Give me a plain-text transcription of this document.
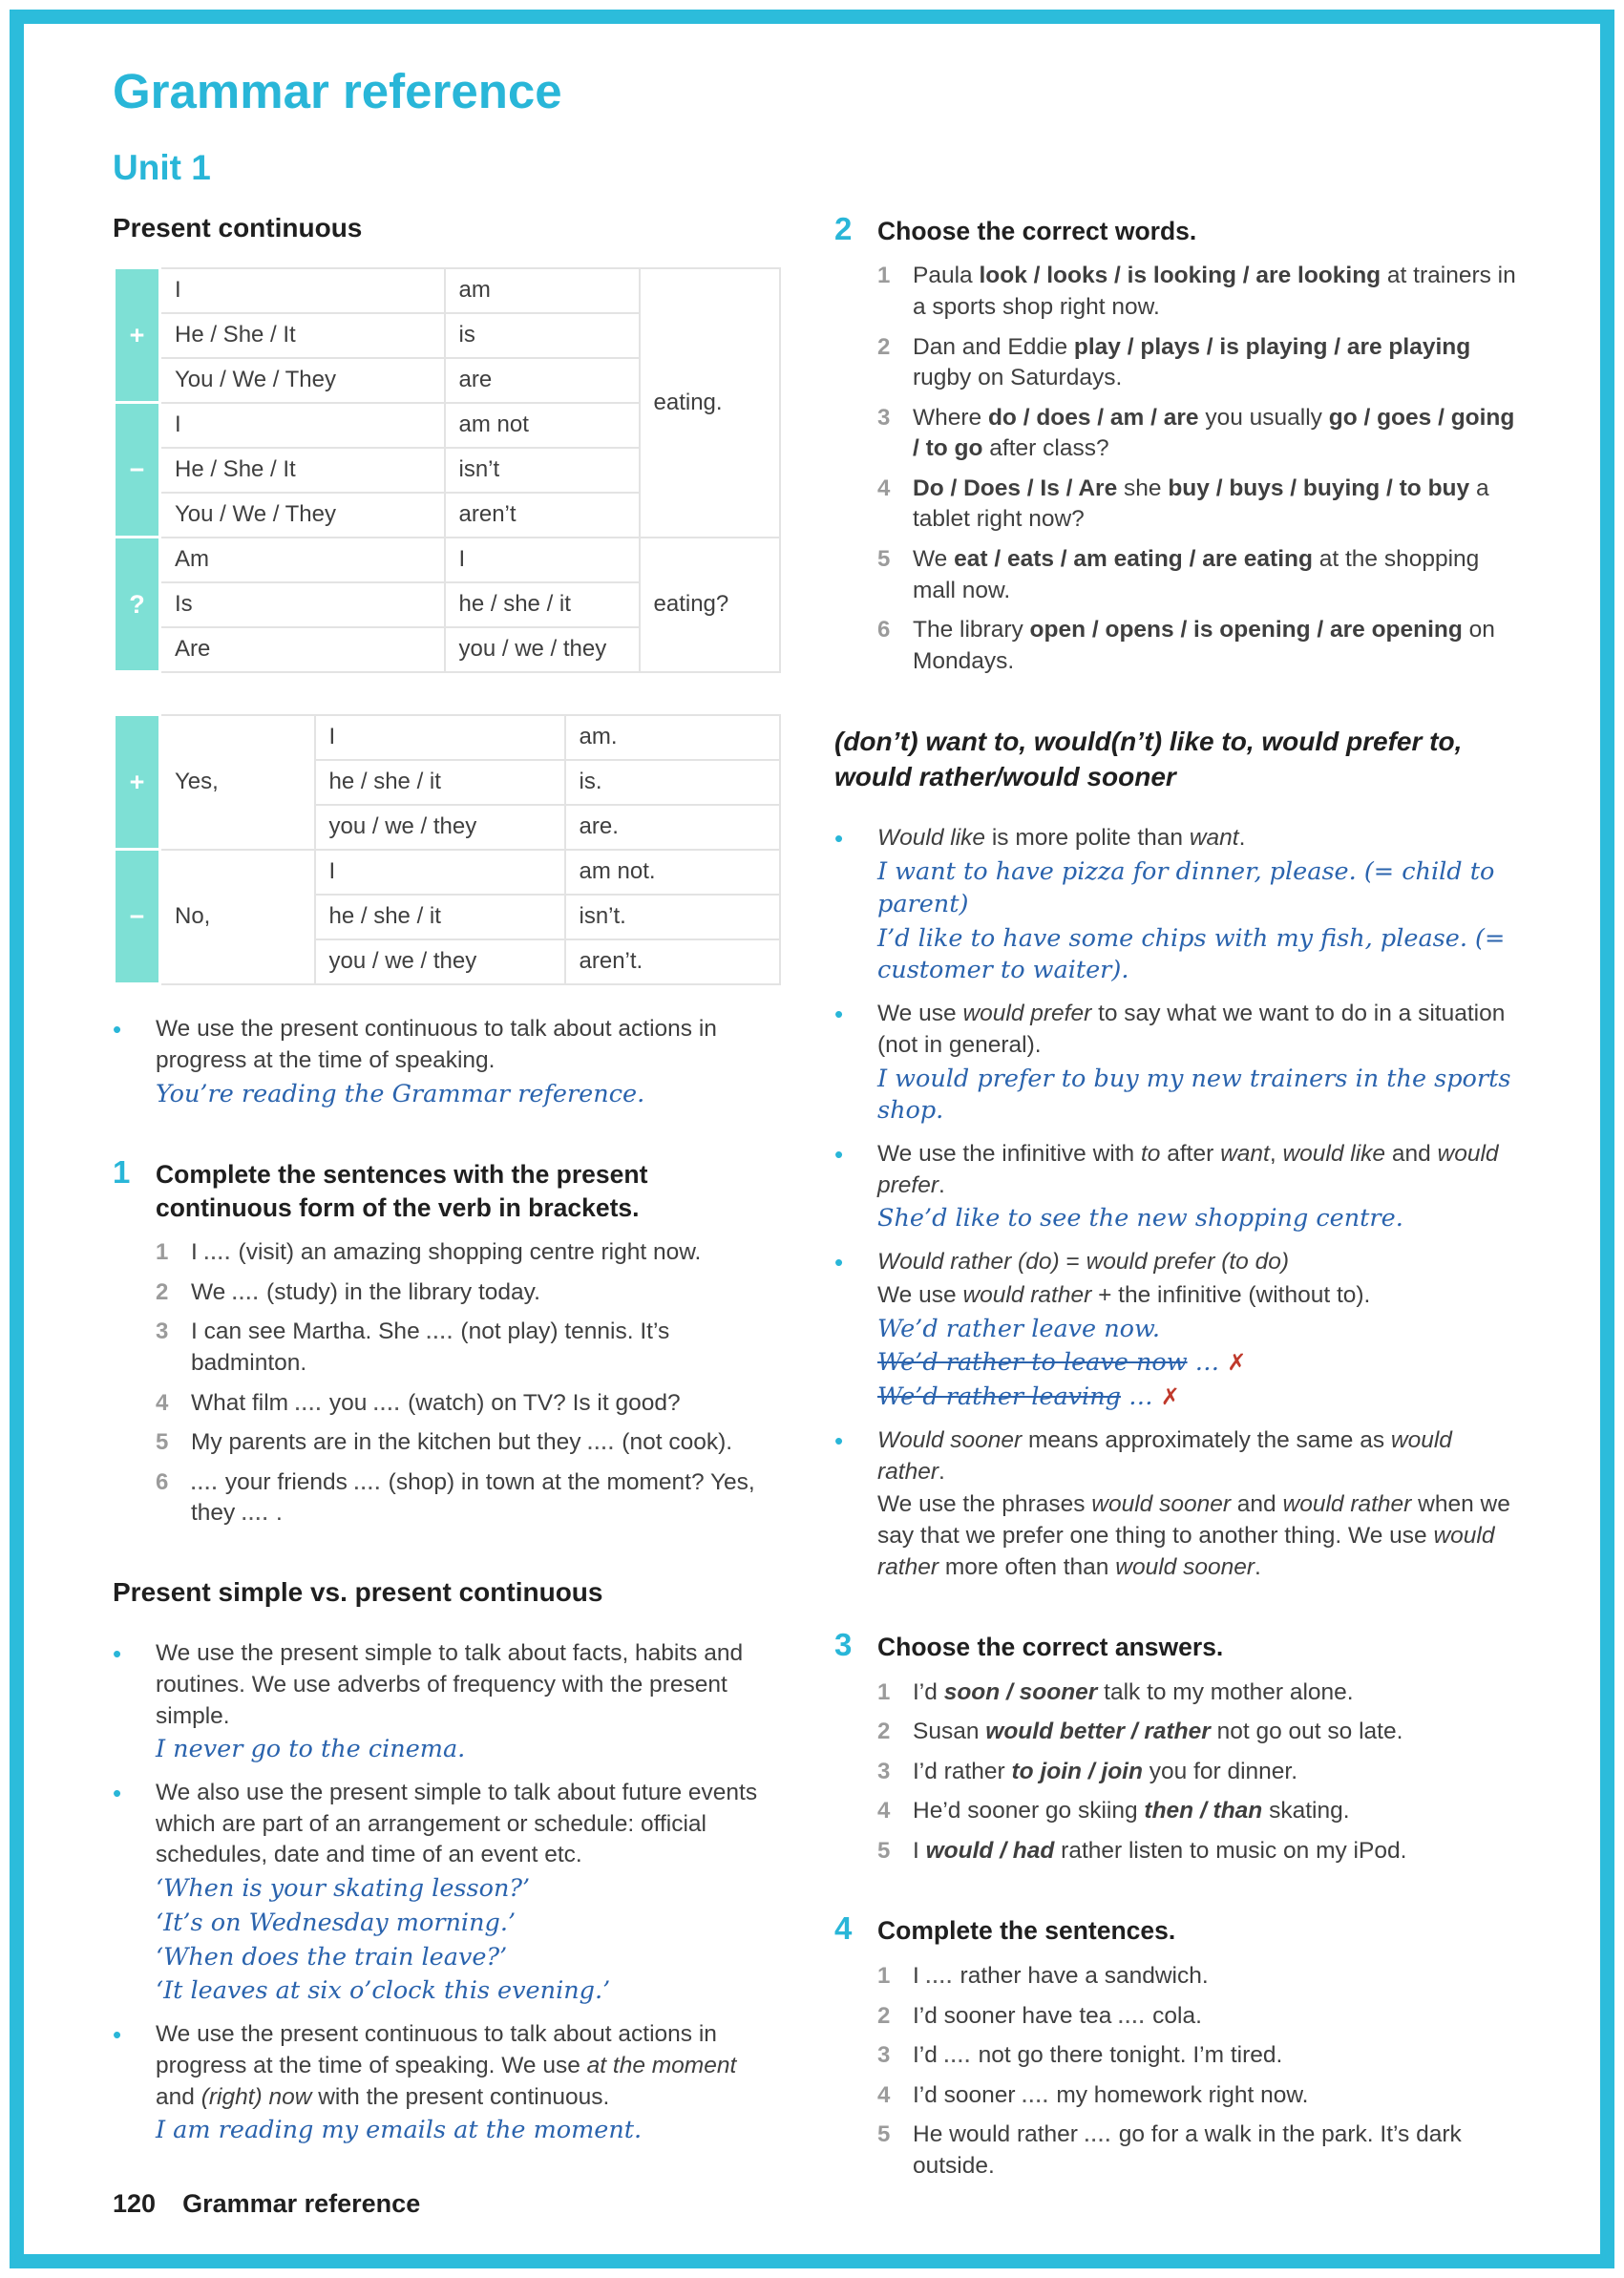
Grammar reference
Unit 1
Present continuous
+	I	am	eating.
	He / She / It	is	
	You / We / They	are	
−	I	am not	
	He / She / It	isn’t	
	You / We / They	aren’t	
?	Am	I	eating?
	Is	he / she / it	
	Are	you / we / they	
+	Yes,	I	am.
		he / she / it	is.
		you / we / they	are.
−	No,	I	am not.
		he / she / it	isn’t.
		you / we / they	aren’t.
• We use the present continuous to talk about actions in progress at the time of speaking.
You’re reading the Grammar reference.
1	Complete the sentences with the present continuous form of the verb in brackets.
1 I .... (visit) an amazing shopping centre right now.
2 We .... (study) in the library today.
3 I can see Martha. She .... (not play) tennis. It’s badminton.
4 What film .... you .... (watch) on TV? Is it good?
5 My parents are in the kitchen but they .... (not cook).
6	.... your friends .... (shop) in town at the moment? Yes, they .... .
Present simple vs. present continuous
• We use the present simple to talk about facts, habits and routines. We use adverbs of frequency with the present simple.
I never go to the cinema.
• We also use the present simple to talk about future events which are part of an arrangement or schedule: official schedules, date and time of an event etc.
‘When is your skating lesson?’
‘It’s on Wednesday morning.’
‘When does the train leave?’
‘It leaves at six o’clock this evening.’
• We use the present continuous to talk about actions in progress at the time of speaking. We use at the moment and (right) now with the present continuous.
I am reading my emails at the moment.
2	Choose the correct words.
1 Paula look / looks / is looking / are looking at trainers in a sports shop right now.
2 Dan and Eddie play / plays / is playing / are playing rugby on Saturdays.
3 Where do / does / am / are you usually go / goes / going / to go after class?
4 Do / Does / Is / Are she buy / buys / buying / to buy a tablet right now?
5 We eat / eats / am eating / are eating at the shopping mall now.
6 The library open / opens / is opening / are opening on Mondays.
(don’t) want to, would(n’t) like to, would prefer to, would rather/would sooner
• Would like is more polite than want.
I want to have pizza for dinner, please. (= child to parent)
I’d like to have some chips with my fish, please. (= customer to waiter).
• We use would prefer to say what we want to do in a situation (not in general).
I would prefer to buy my new trainers in the sports shop.
• We use the infinitive with to after want, would like and would prefer.
She’d like to see the new shopping centre.
• Would rather (do) = would prefer (to do)
We use would rather + the infinitive (without to).
We’d rather leave now.
We’d rather to leave now … ✗
We’d rather leaving … ✗
• Would sooner means approximately the same as would rather.
We use the phrases would sooner and would rather when we say that we prefer one thing to another thing. We use would rather more often than would sooner.
3	Choose the correct answers.
1 I’d soon / sooner talk to my mother alone.
2 Susan would better / rather not go out so late.
3 I’d rather to join / join you for dinner.
4 He’d sooner go skiing then / than skating.
5 I would / had rather listen to music on my iPod.
4	Complete the sentences.
1 I .... rather have a sandwich.
2 I’d sooner have tea .... cola.
3 I’d .... not go there tonight. I’m tired.
4 I’d sooner .... my homework right now.
5 He would rather .... go for a walk in the park. It’s dark outside.
120 Grammar reference
